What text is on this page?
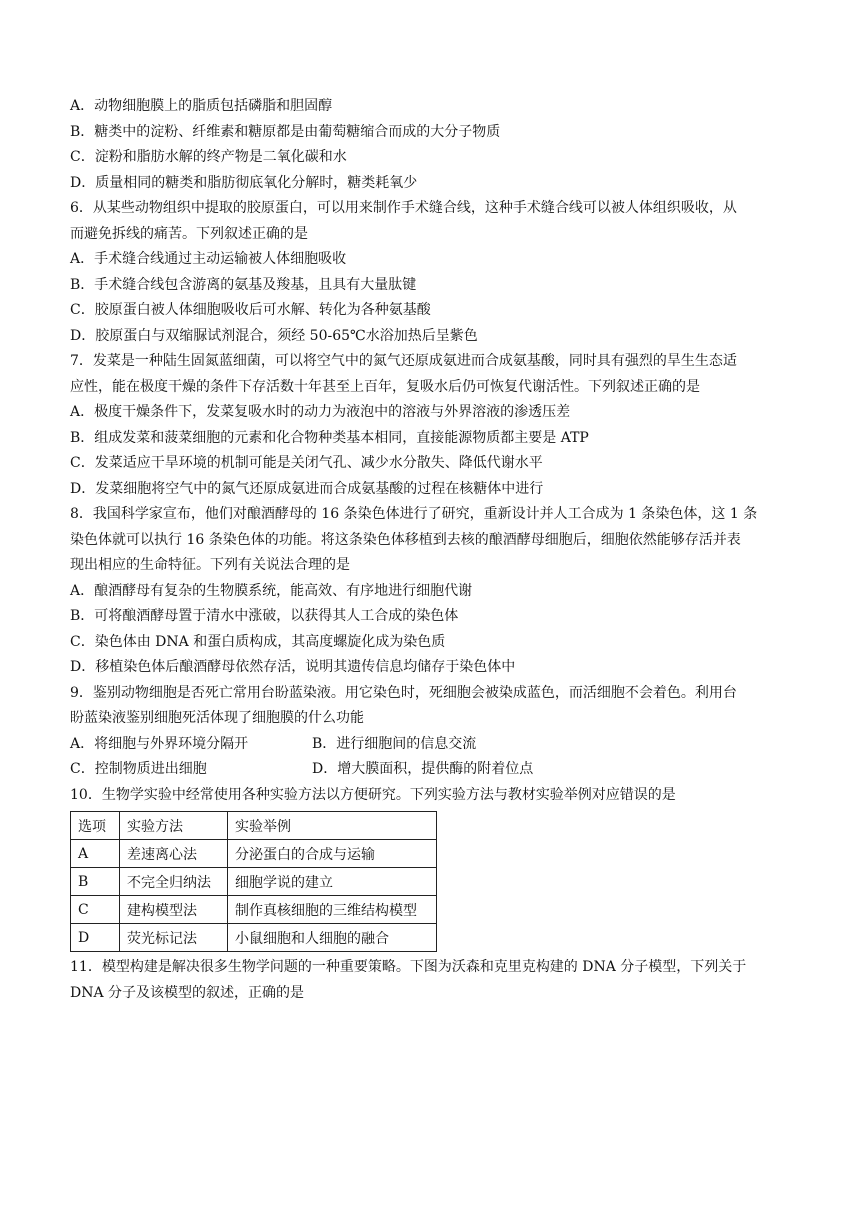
A．动物细胞膜上的脂质包括磷脂和胆固醇
B．糖类中的淀粉、纤维素和糖原都是由葡萄糖缩合而成的大分子物质
C．淀粉和脂肪水解的终产物是二氧化碳和水
D．质量相同的糖类和脂肪彻底氧化分解时，糖类耗氧少
6．从某些动物组织中提取的胶原蛋白，可以用来制作手术缝合线，这种手术缝合线可以被人体组织吸收，从
而避免拆线的痛苦。下列叙述正确的是
A．手术缝合线通过主动运输被人体细胞吸收
B．手术缝合线包含游离的氨基及羧基，且具有大量肽键
C．胶原蛋白被人体细胞吸收后可水解、转化为各种氨基酸
D．胶原蛋白与双缩脲试剂混合，须经 50-65℃水浴加热后呈紫色
7．发菜是一种陆生固氮蓝细菌，可以将空气中的氮气还原成氨进而合成氨基酸，同时具有强烈的旱生生态适
应性，能在极度干燥的条件下存活数十年甚至上百年，复吸水后仍可恢复代谢活性。下列叙述正确的是
A．极度干燥条件下，发菜复吸水时的动力为液泡中的溶液与外界溶液的渗透压差
B．组成发菜和菠菜细胞的元素和化合物种类基本相同，直接能源物质都主要是 ATP
C．发菜适应干旱环境的机制可能是关闭气孔、减少水分散失、降低代谢水平
D．发菜细胞将空气中的氮气还原成氨进而合成氨基酸的过程在核糖体中进行
8．我国科学家宣布，他们对酿酒酵母的 16 条染色体进行了研究，重新设计并人工合成为 1 条染色体，这 1 条
染色体就可以执行 16 条染色体的功能。将这条染色体移植到去核的酿酒酵母细胞后，细胞依然能够存活并表
现出相应的生命特征。下列有关说法合理的是
A．酿酒酵母有复杂的生物膜系统，能高效、有序地进行细胞代谢
B．可将酿酒酵母置于清水中涨破，以获得其人工合成的染色体
C．染色体由 DNA 和蛋白质构成，其高度螺旋化成为染色质
D．移植染色体后酿酒酵母依然存活，说明其遗传信息均储存于染色体中
9．鉴别动物细胞是否死亡常用台盼蓝染液。用它染色时，死细胞会被染成蓝色，而活细胞不会着色。利用台
盼蓝染液鉴别细胞死活体现了细胞膜的什么功能
A．将细胞与外界环境分隔开	B．进行细胞间的信息交流
C．控制物质进出细胞	D．增大膜面积，提供酶的附着位点
10．生物学实验中经常使用各种实验方法以方便研究。下列实验方法与教材实验举例对应错误的是
选项	实验方法	实验举例
A	差速离心法	分泌蛋白的合成与运输
B	不完全归纳法	细胞学说的建立
C	建构模型法	制作真核细胞的三维结构模型
D	荧光标记法	小鼠细胞和人细胞的融合
11．模型构建是解决很多生物学问题的一种重要策略。下图为沃森和克里克构建的 DNA 分子模型，下列关于
DNA 分子及该模型的叙述，正确的是
